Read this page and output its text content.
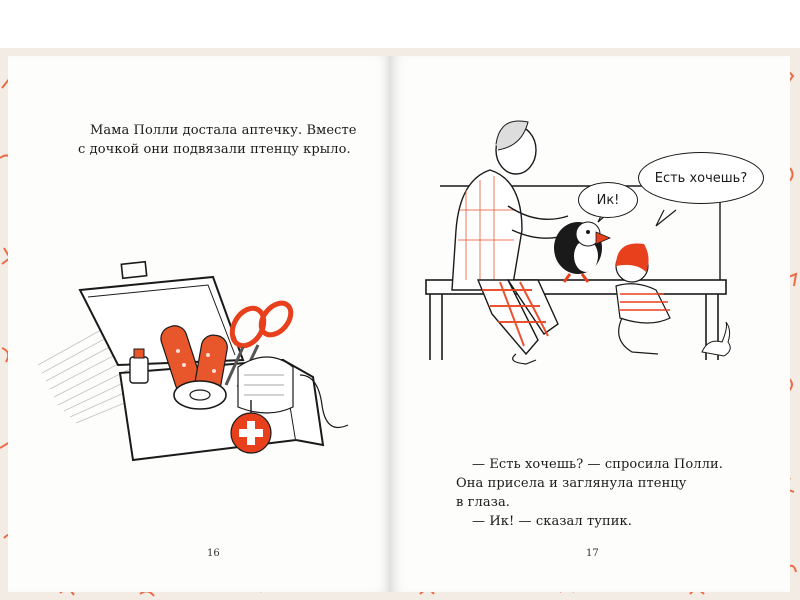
Мама Полли достала аптечку. Вместе
с дочкой они подвязали птенцу крыло.
16
Ик!
Есть хочешь?
— Есть хочешь? — спросила Полли.
Она присела и заглянула птенцу
в глаза.
— Ик! — сказал тупик.
17
